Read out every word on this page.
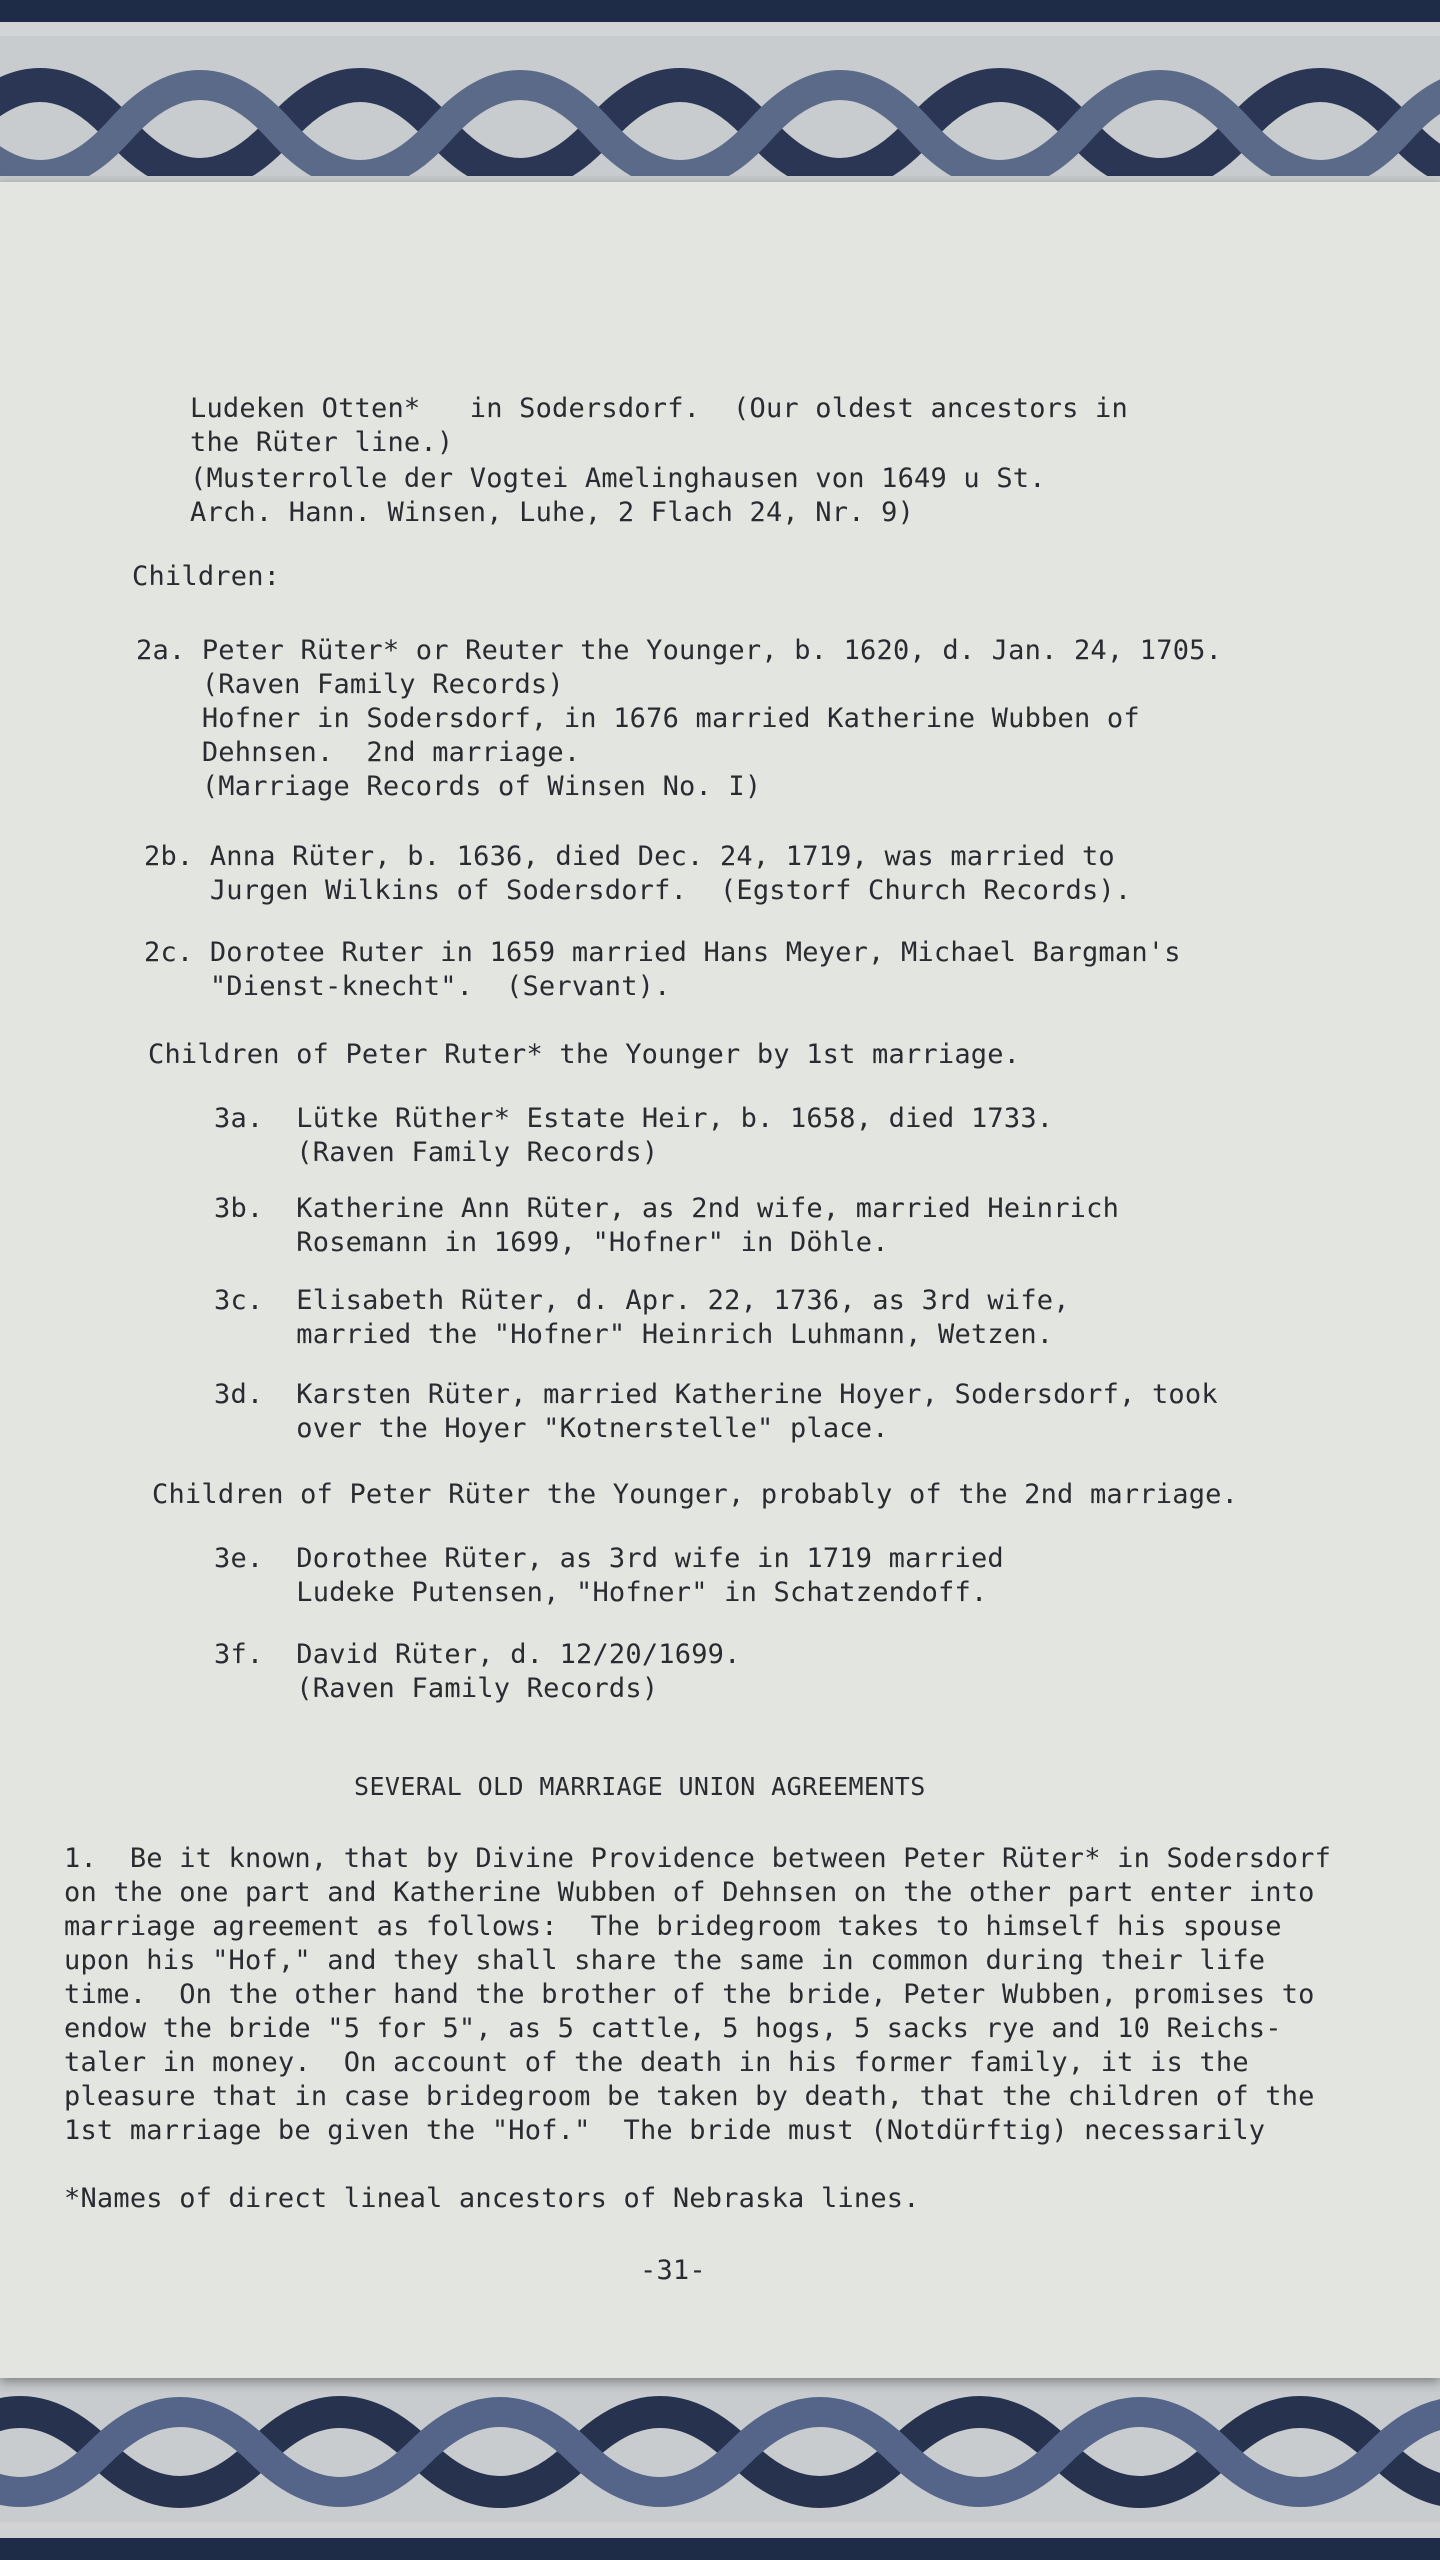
Ludeken Otten*   in Sodersdorf.  (Our oldest ancestors in

the Rüter line.)

(Musterrolle der Vogtei Amelinghausen von 1649 u St.

Arch. Hann. Winsen, Luhe, 2 Flach 24, Nr. 9)

Children:

2a. Peter Rüter* or Reuter the Younger, b. 1620, d. Jan. 24, 1705.

(Raven Family Records)

Hofner in Sodersdorf, in 1676 married Katherine Wubben of

Dehnsen.  2nd marriage.

(Marriage Records of Winsen No. I)

2b. Anna Rüter, b. 1636, died Dec. 24, 1719, was married to

Jurgen Wilkins of Sodersdorf.  (Egstorf Church Records).

2c. Dorotee Ruter in 1659 married Hans Meyer, Michael Bargman's

"Dienst-knecht".  (Servant).

Children of Peter Ruter* the Younger by 1st marriage.

3a.  Lütke Rüther* Estate Heir, b. 1658, died 1733.

(Raven Family Records)

3b.  Katherine Ann Rüter, as 2nd wife, married Heinrich

Rosemann in 1699, "Hofner" in Döhle.

3c.  Elisabeth Rüter, d. Apr. 22, 1736, as 3rd wife,

married the "Hofner" Heinrich Luhmann, Wetzen.

3d.  Karsten Rüter, married Katherine Hoyer, Sodersdorf, took

over the Hoyer "Kotnerstelle" place.

Children of Peter Rüter the Younger, probably of the 2nd marriage.

3e.  Dorothee Rüter, as 3rd wife in 1719 married

Ludeke Putensen, "Hofner" in Schatzendoff.

3f.  David Rüter, d. 12/20/1699.

(Raven Family Records)

SEVERAL OLD MARRIAGE UNION AGREEMENTS

1.  Be it known, that by Divine Providence between Peter Rüter* in Sodersdorf

on the one part and Katherine Wubben of Dehnsen on the other part enter into

marriage agreement as follows:  The bridegroom takes to himself his spouse

upon his "Hof," and they shall share the same in common during their life

time.  On the other hand the brother of the bride, Peter Wubben, promises to

endow the bride "5 for 5", as 5 cattle, 5 hogs, 5 sacks rye and 10 Reichs-

taler in money.  On account of the death in his former family, it is the

pleasure that in case bridegroom be taken by death, that the children of the

1st marriage be given the "Hof."  The bride must (Notdürftig) necessarily

*Names of direct lineal ancestors of Nebraska lines.

-31-
